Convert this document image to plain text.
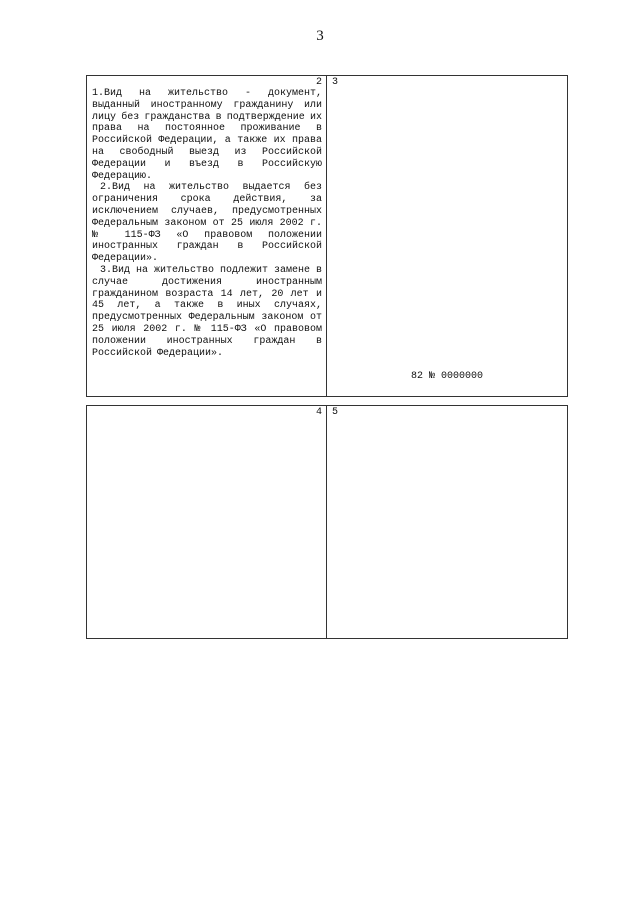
3
2

1.Вид на жительство - документ, выданный иностранному гражданину или лицу без гражданства в подтверждение их права на постоянное проживание в Российской Федерации, а также их права на свободный выезд из Российской Федерации и въезд в Российскую Федерацию.

2.Вид на жительство выдается без ограничения срока действия, за исключением случаев, предусмотренных Федеральным законом от 25 июля 2002 г. № 115-ФЗ «О правовом положении иностранных граждан в Российской Федерации».

3.Вид на жительство подлежит замене в случае достижения иностранным гражданином возраста 14 лет, 20 лет и 45 лет, а также в иных случаях, предусмотренных Федеральным законом от 25 июля 2002 г. № 115-ФЗ «О правовом положении иностранных граждан в Российской Федерации».

3
82 № 0000000
4 5
